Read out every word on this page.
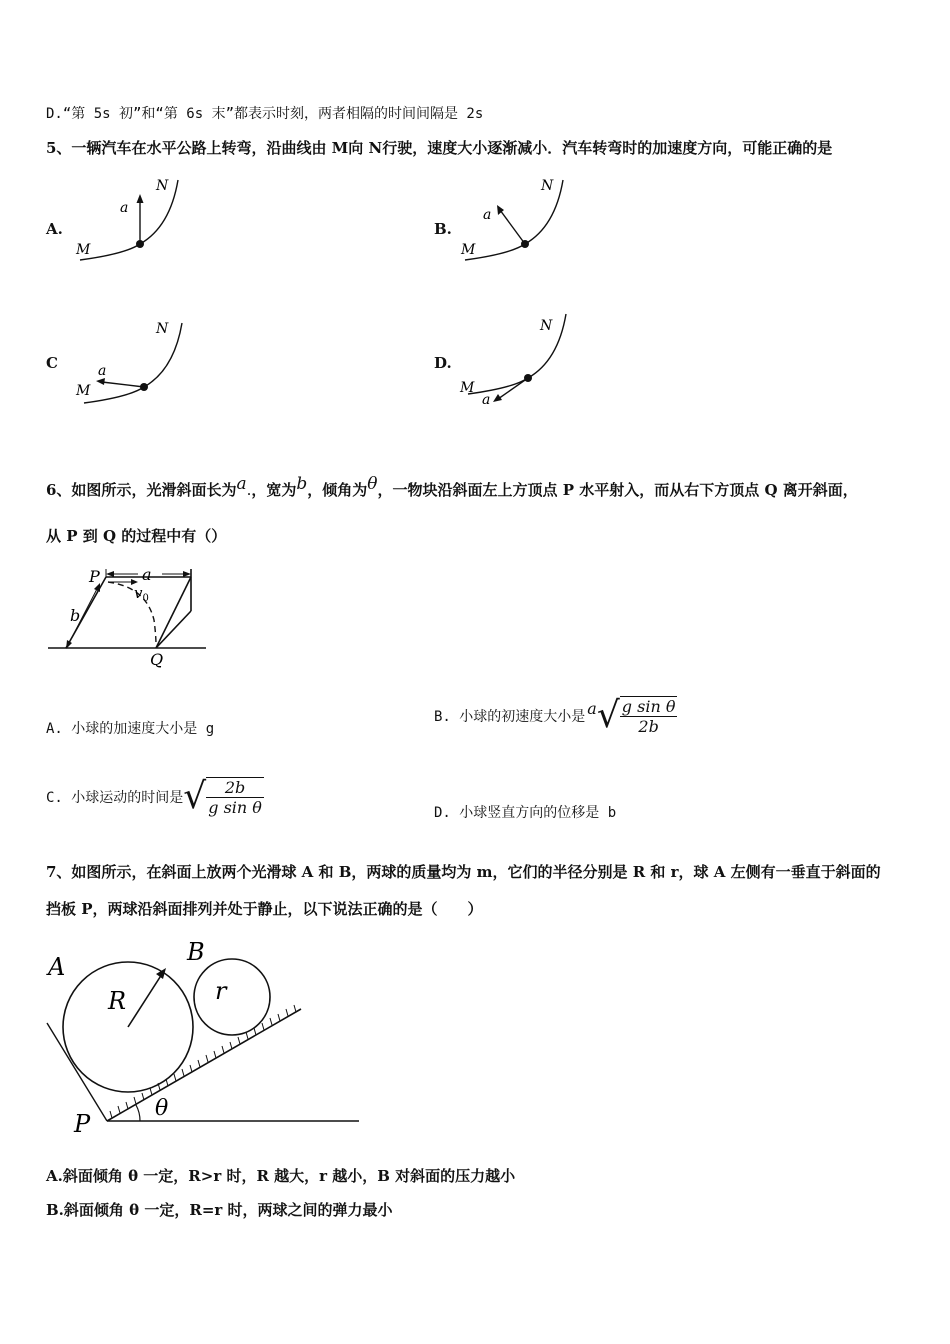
D.“第 5s 初”和“第 6s 末”都表示时刻，两者相隔的时间间隔是 2s
5、一辆汽车在水平公路上转弯，沿曲线由 M向 N行驶，速度大小逐渐减小．汽车转弯时的加速度方向，可能正确的是
A.
M
N
a
B.
M
N
a
C
M
N
a	D.
M
N
a
6、如图所示，光滑斜面长为$^a$.，宽为$^b$，倾角为$^\theta$，一物块沿斜面左上方顶点 P 水平射入，而从右下方顶点 Q 离开斜面，
从 P 到 Q 的过程中有（）
P	a
$v_0$
b
Q
A. 小球的加速度大小是 g
B. 小球的初速度大小是 a √ $\frac{\text{g sin θ}}{2b}$
C. 小球运动的时间是 √ $\frac{2b}{\text{g sin θ}}$	D. 小球竖直方向的位移是 b
7、如图所示，在斜面上放两个光滑球 A 和 B，两球的质量均为 m，它们的半径分别是 R 和 r，球 A 左侧有一垂直于斜面的
挡板 P，两球沿斜面排列并处于静止，以下说法正确的是（　　）
A
B
R	r
P
θ
A.斜面倾角 θ 一定，R>r 时，R 越大，r 越小，B 对斜面的压力越小
B.斜面倾角 θ 一定，R=r 时，两球之间的弹力最小
